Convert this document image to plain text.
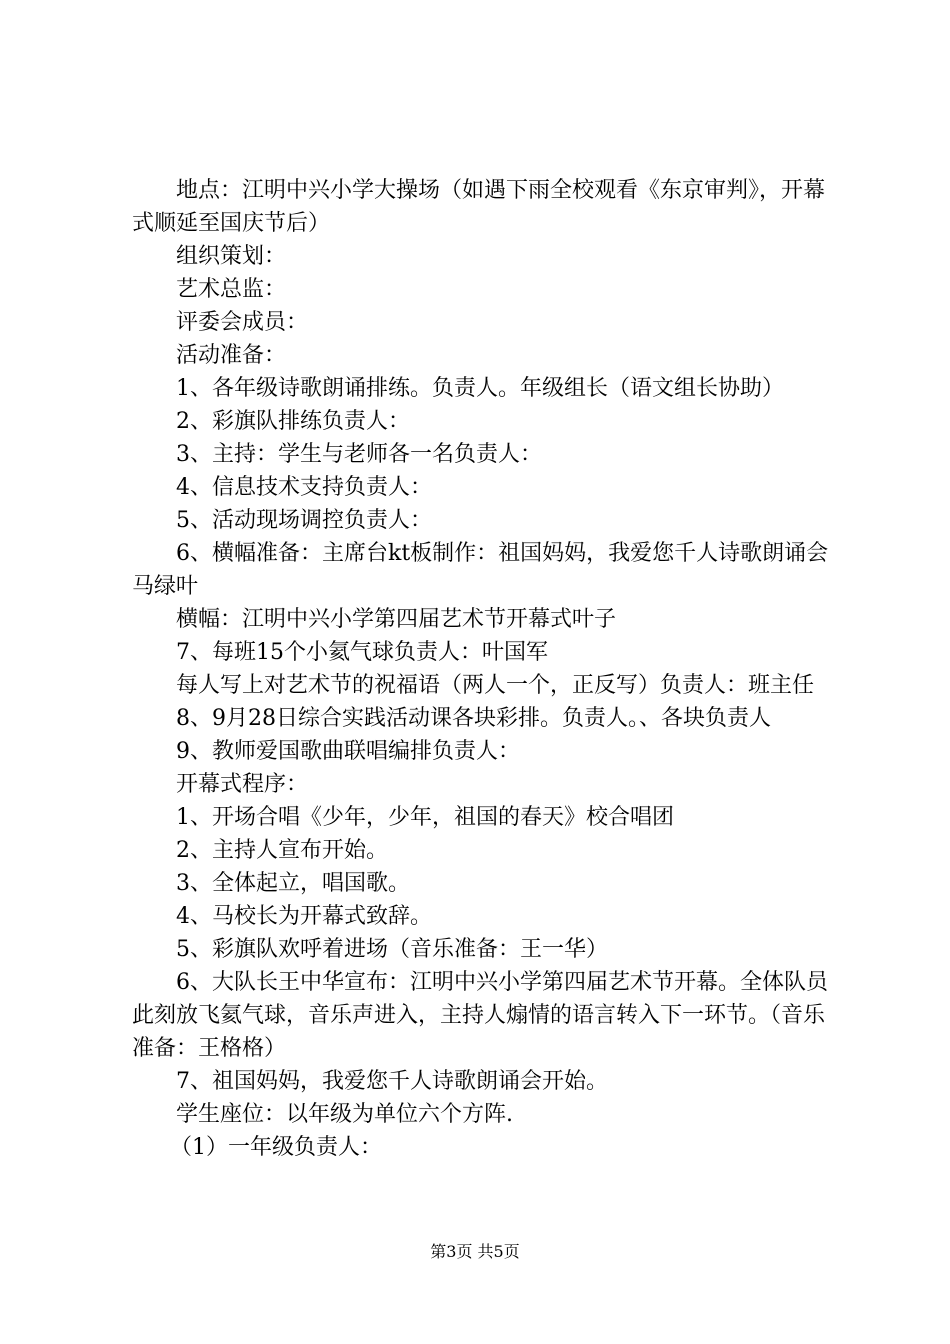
地点：江明中兴小学大操场（如遇下雨全校观看《东京审判》，开幕式顺延至国庆节后）

组织策划：

艺术总监：

评委会成员：

活动准备：

1、各年级诗歌朗诵排练。负责人。年级组长（语文组长协助）

2、彩旗队排练负责人：

3、主持：学生与老师各一名负责人：

4、信息技术支持负责人：

5、活动现场调控负责人：

6、横幅准备：主席台kt板制作：祖国妈妈，我爱您千人诗歌朗诵会马绿叶

横幅：江明中兴小学第四届艺术节开幕式叶子

7、每班15个小氦气球负责人：叶国军

每人写上对艺术节的祝福语（两人一个，正反写）负责人：班主任

8、9月28日综合实践活动课各块彩排。负责人。、各块负责人

9、教师爱国歌曲联唱编排负责人：

开幕式程序：

1、开场合唱《少年，少年，祖国的春天》校合唱团

2、主持人宣布开始。

3、全体起立，唱国歌。

4、马校长为开幕式致辞。

5、彩旗队欢呼着进场（音乐准备：王一华）

6、大队长王中华宣布：江明中兴小学第四届艺术节开幕。全体队员此刻放飞氦气球，音乐声进入，主持人煽情的语言转入下一环节。（音乐准备：王格格）

7、祖国妈妈，我爱您千人诗歌朗诵会开始。

学生座位：以年级为单位六个方阵.

（1）一年级负责人：

第3页 共5页
